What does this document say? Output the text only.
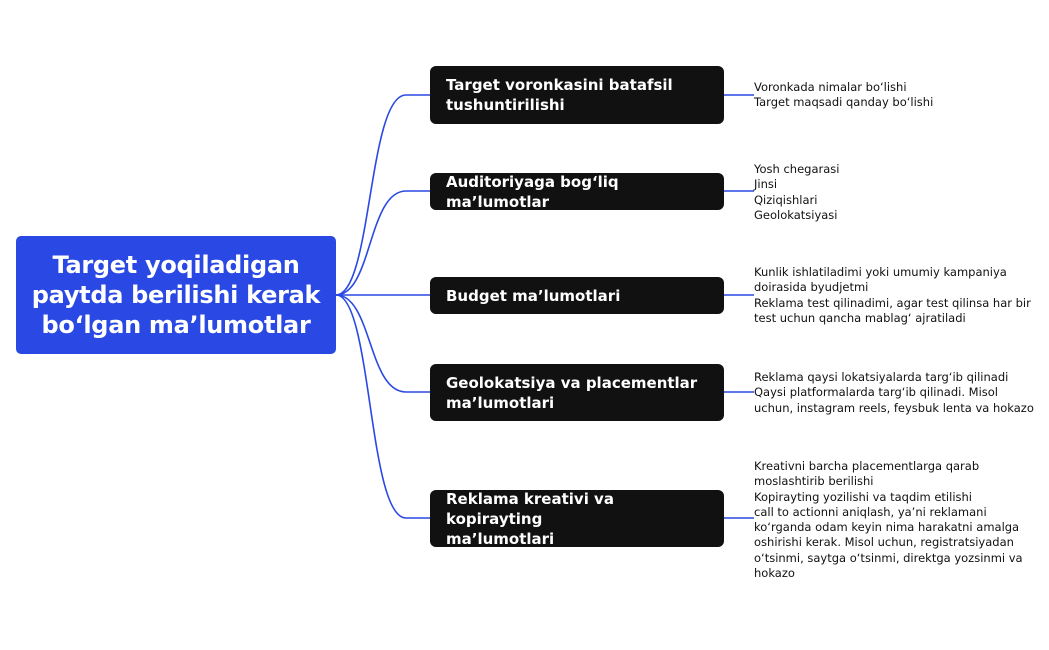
Target yoqiladigan
paytda berilishi kerak
bo‘lgan ma’lumotlar
Target voronkasini batafsil
tushuntirilishi
Voronkada nimalar bo‘lishi
Target maqsadi qanday bo‘lishi
Auditoriyaga bog‘liq ma’lumotlar
Yosh chegarasi
Jinsi
Qiziqishlari
Geolokatsiyasi
Budget ma’lumotlari
Kunlik ishlatiladimi yoki umumiy kampaniya
doirasida byudjetmi
Reklama test qilinadimi, agar test qilinsa har bir
test uchun qancha mablag‘ ajratiladi
Geolokatsiya va placementlar
ma’lumotlari
Reklama qaysi lokatsiyalarda targ‘ib qilinadi
Qaysi platformalarda targ‘ib qilinadi. Misol
uchun, instagram reels, feysbuk lenta va hokazo
Reklama kreativi va kopirayting
ma’lumotlari
Kreativni barcha placementlarga qarab
moslashtirib berilishi
Kopirayting yozilishi va taqdim etilishi
call to actionni aniqlash, ya’ni reklamani
ko‘rganda odam keyin nima harakatni amalga
oshirishi kerak. Misol uchun, registratsiyadan
o‘tsinmi, saytga o‘tsinmi, direktga yozsinmi va
hokazo
